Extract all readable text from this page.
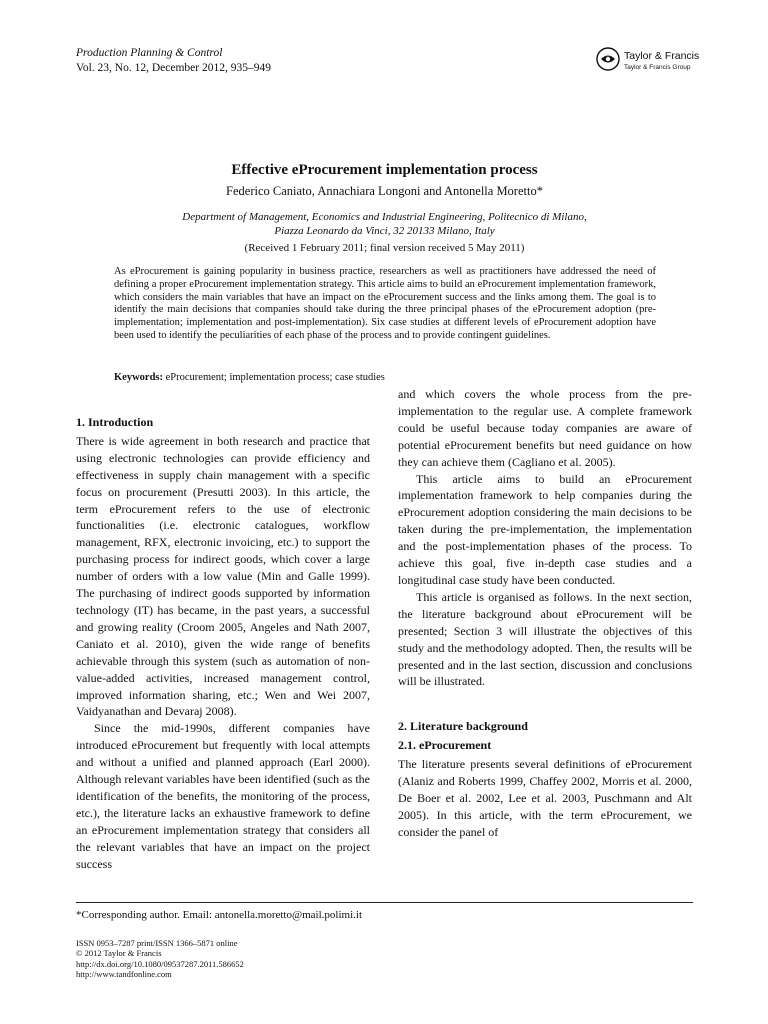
Production Planning & Control
Vol. 23, No. 12, December 2012, 935–949
Taylor & Francis
Taylor & Francis Group
Effective eProcurement implementation process
Federico Caniato, Annachiara Longoni and Antonella Moretto*
Department of Management, Economics and Industrial Engineering, Politecnico di Milano,
Piazza Leonardo da Vinci, 32 20133 Milano, Italy
(Received 1 February 2011; final version received 5 May 2011)
As eProcurement is gaining popularity in business practice, researchers as well as practitioners have addressed the need of defining a proper eProcurement implementation strategy. This article aims to build an eProcurement implementation framework, which considers the main variables that have an impact on the eProcurement success and the links among them. The goal is to identify the main decisions that companies should take during the three principal phases of the eProcurement adoption (pre-implementation; implementation and post-implementation). Six case studies at different levels of eProcurement adoption have been used to identify the peculiarities of each phase of the process and to provide contingent guidelines.
Keywords: eProcurement; implementation process; case studies
1. Introduction

There is wide agreement in both research and practice that using electronic technologies can provide efficiency and effectiveness in supply chain management with a specific focus on procurement (Presutti 2003). In this article, the term eProcurement refers to the use of electronic functionalities (i.e. electronic catalogues, workflow management, RFX, electronic invoicing, etc.) to support the purchasing process for indirect goods, which cover a large number of orders with a low value (Min and Galle 1999). The purchasing of indirect goods supported by information technology (IT) has became, in the past years, a successful and growing reality (Croom 2005, Angeles and Nath 2007, Caniato et al. 2010), given the wide range of benefits achievable through this system (such as automation of non-value-added activities, increased management control, improved information sharing, etc.; Wen and Wei 2007, Vaidyanathan and Devaraj 2008).

Since the mid-1990s, different companies have introduced eProcurement but frequently with local attempts and without a unified and planned approach (Earl 2000). Although relevant variables have been identified (such as the identification of the benefits, the monitoring of the process, etc.), the literature lacks an exhaustive framework to define an eProcurement implementation strategy that considers all the relevant variables that have an impact on the project success

and which covers the whole process from the pre-implementation to the regular use. A complete framework could be useful because today companies are aware of potential eProcurement benefits but need guidance on how they can achieve them (Cagliano et al. 2005).

This article aims to build an eProcurement implementation framework to help companies during the eProcurement adoption considering the main decisions to be taken during the pre-implementation, the implementation and the post-implementation phases of the process. To achieve this goal, five in-depth case studies and a longitudinal case study have been conducted.

This article is organised as follows. In the next section, the literature background about eProcurement will be presented; Section 3 will illustrate the objectives of this study and the methodology adopted. Then, the results will be presented and in the last section, discussion and conclusions will be illustrated.

2. Literature background
2.1. eProcurement

The literature presents several definitions of eProcurement (Alaniz and Roberts 1999, Chaffey 2002, Morris et al. 2000, De Boer et al. 2002, Lee et al. 2003, Puschmann and Alt 2005). In this article, with the term eProcurement, we consider the panel of

*Corresponding author. Email: antonella.moretto@mail.polimi.it
ISSN 0953–7287 print/ISSN 1366–5871 online
© 2012 Taylor & Francis
http://dx.doi.org/10.1080/09537287.2011.586652
http://www.tandfonline.com
